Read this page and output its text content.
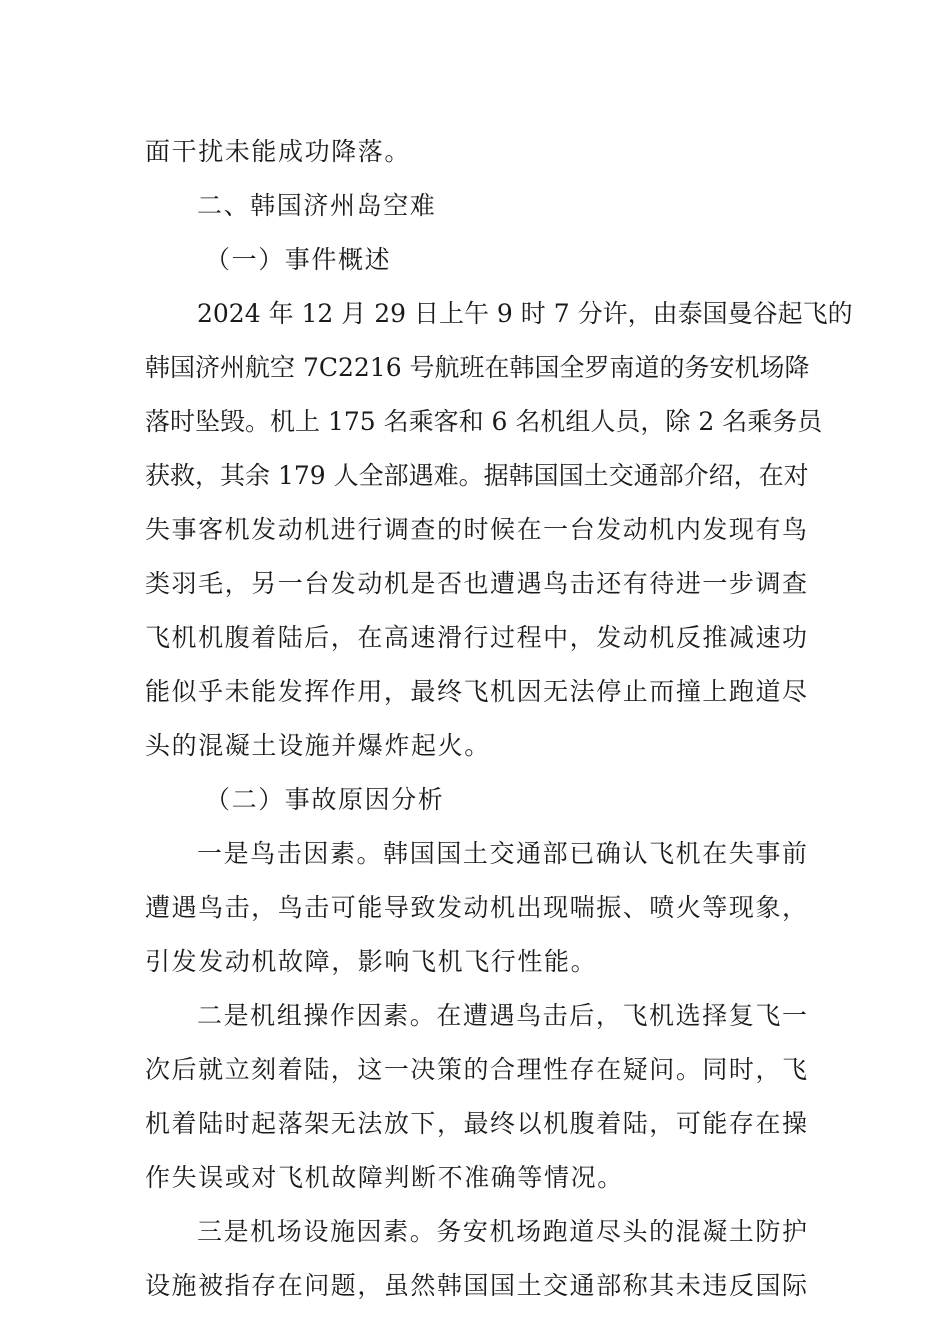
面干扰未能成功降落。
二、韩国济州岛空难
（一）事件概述
2024 年 12 月 29 日上午 9 时 7 分许，由泰国曼谷起飞的
韩国济州航空 7C2216 号航班在韩国全罗南道的务安机场降
落时坠毁。机上 175 名乘客和 6 名机组人员，除 2 名乘务员
获救，其余 179 人全部遇难。据韩国国土交通部介绍，在对
失事客机发动机进行调查的时候在一台发动机内发现有鸟
类羽毛，另一台发动机是否也遭遇鸟击还有待进一步调查
飞机机腹着陆后，在高速滑行过程中，发动机反推减速功
能似乎未能发挥作用，最终飞机因无法停止而撞上跑道尽
头的混凝土设施并爆炸起火。
（二）事故原因分析
一是鸟击因素。韩国国土交通部已确认飞机在失事前
遭遇鸟击，鸟击可能导致发动机出现喘振、喷火等现象，
引发发动机故障，影响飞机飞行性能。
二是机组操作因素。在遭遇鸟击后，飞机选择复飞一
次后就立刻着陆，这一决策的合理性存在疑问。同时，飞
机着陆时起落架无法放下，最终以机腹着陆，可能存在操
作失误或对飞机故障判断不准确等情况。
三是机场设施因素。务安机场跑道尽头的混凝土防护
设施被指存在问题，虽然韩国国土交通部称其未违反国际
